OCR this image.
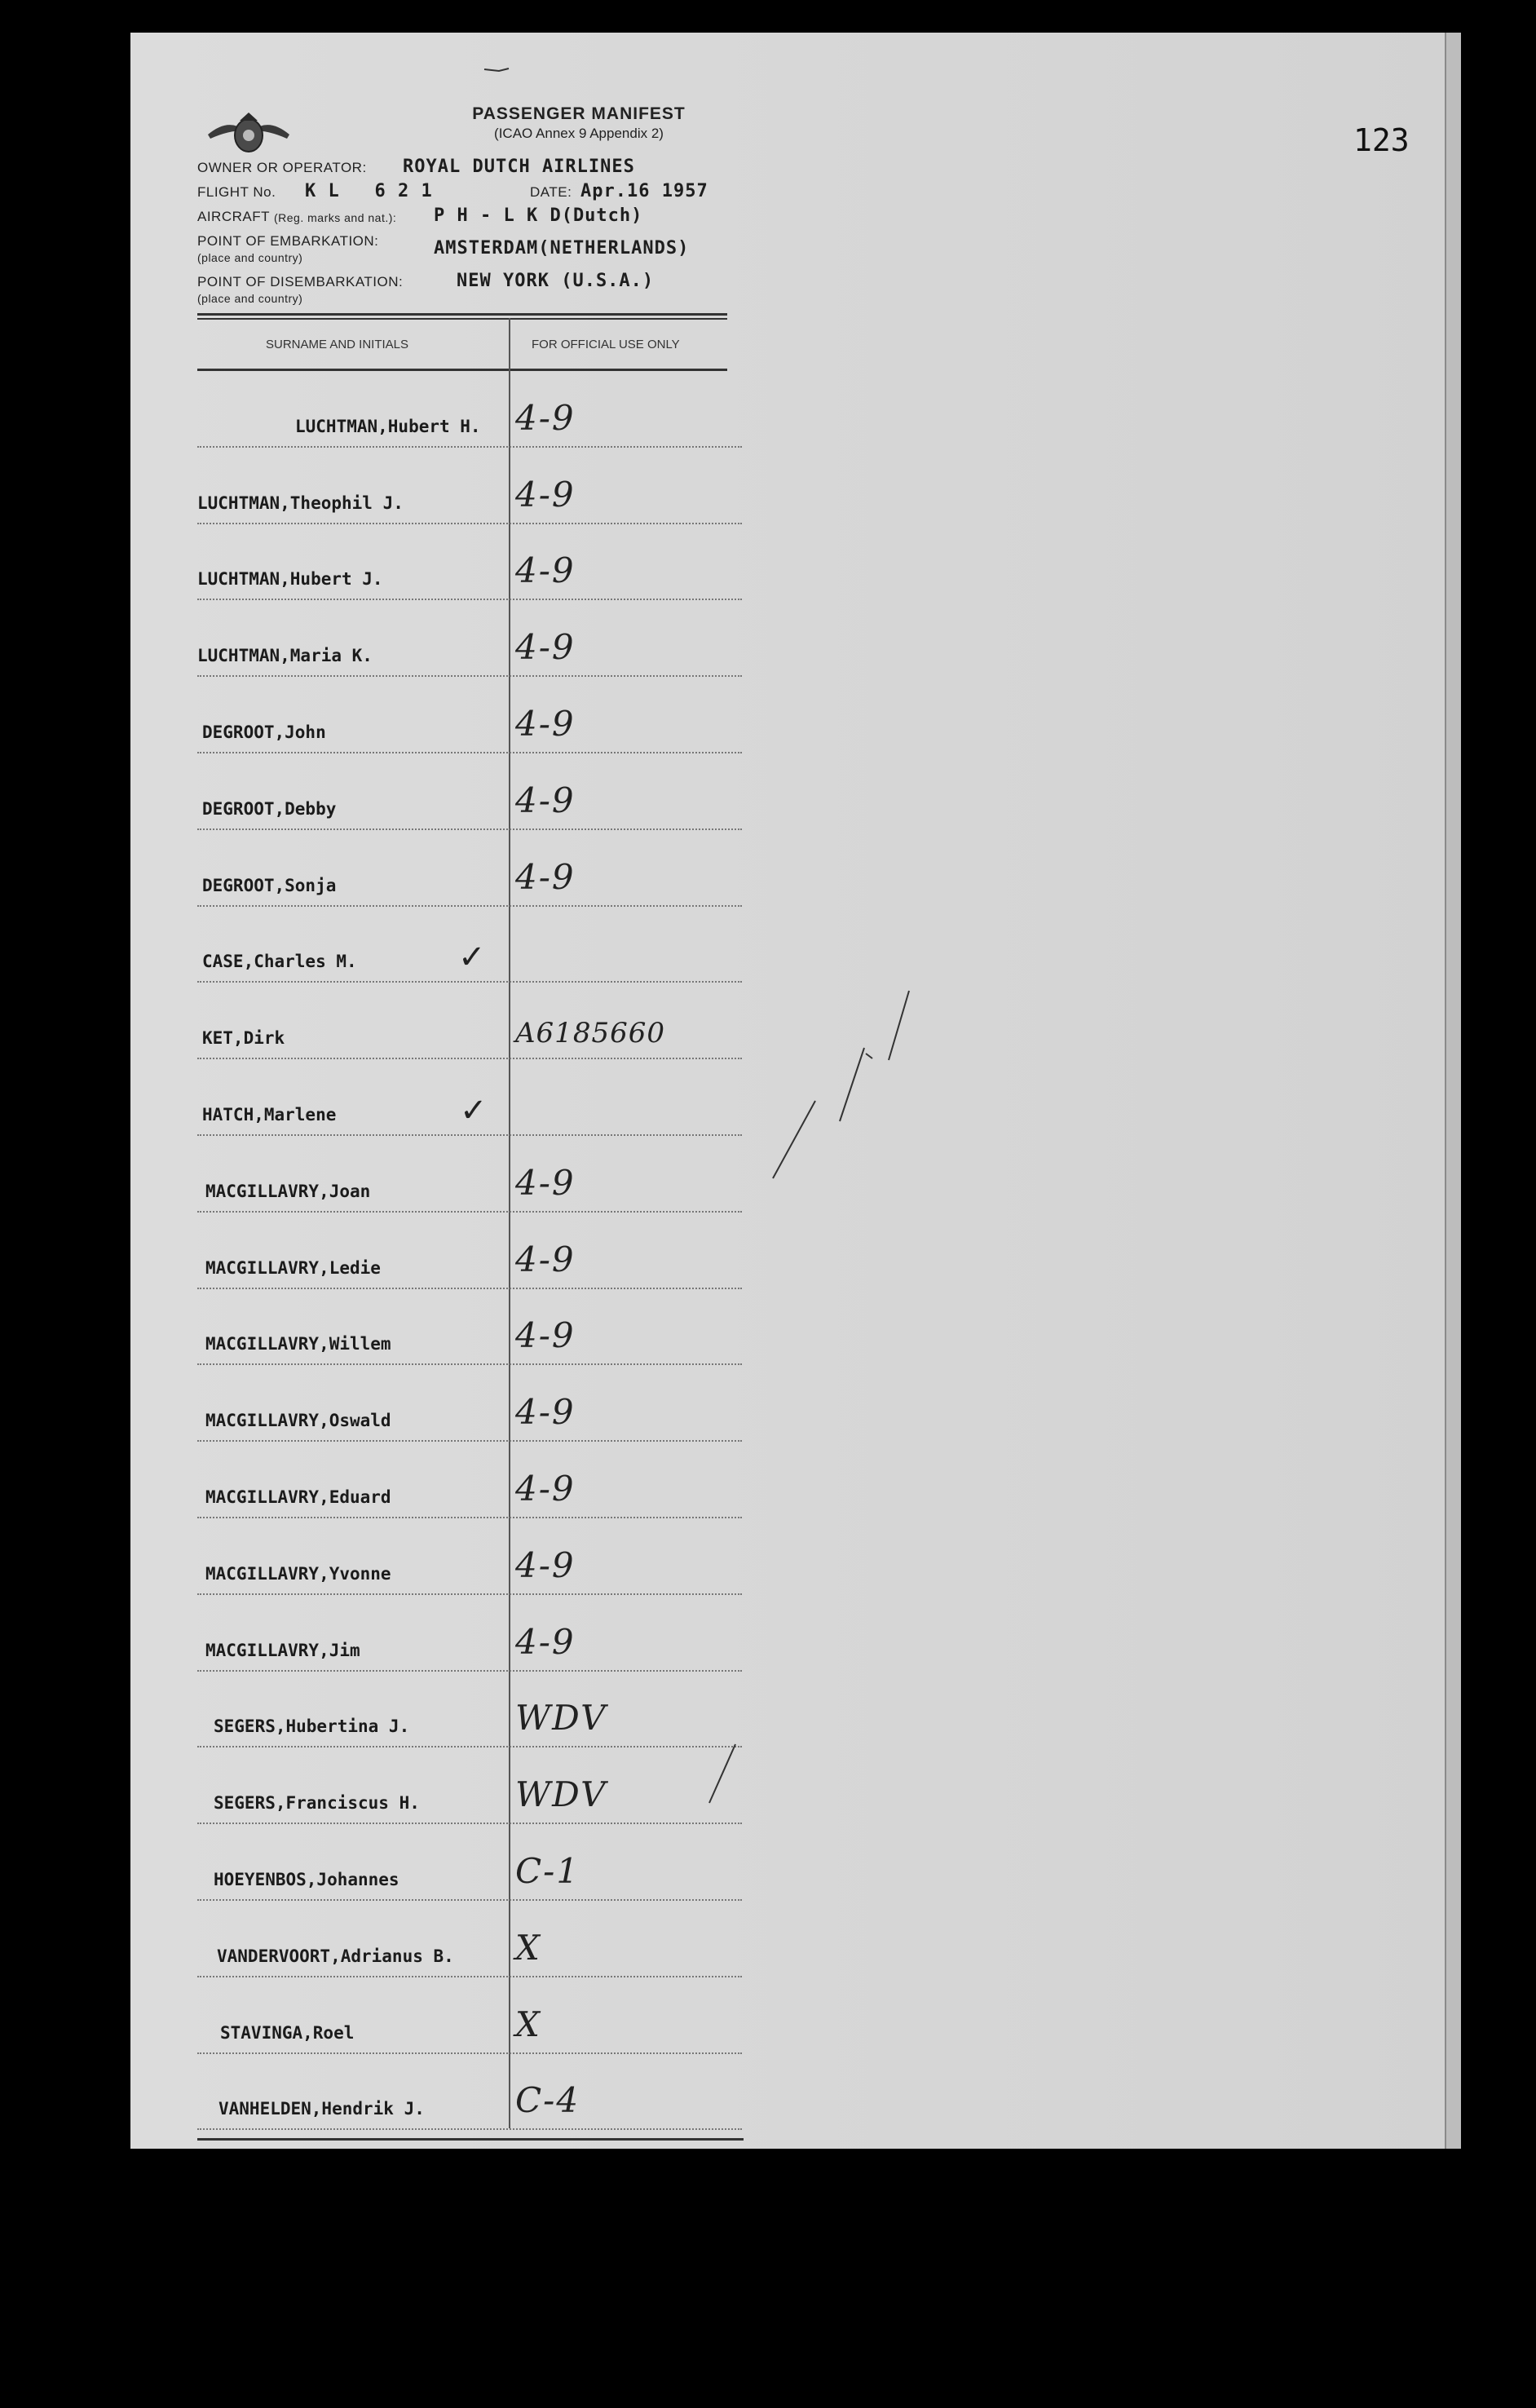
123
PASSENGER MANIFEST
(ICAO Annex 9 Appendix 2)
OWNER OR OPERATOR: ROYAL DUTCH AIRLINES
FLIGHT No. K L   6 2 1	DATE: Apr.16 1957
AIRCRAFT (Reg. marks and nat.): P H - L K D(Dutch)
POINT OF EMBARKATION:	AMSTERDAM(NETHERLANDS)
(place and country)
POINT OF DISEMBARKATION:	NEW YORK (U.S.A.)
(place and country)
SURNAME AND INITIALS	FOR OFFICIAL USE ONLY
LUCHTMAN,Hubert H. 4-9
LUCHTMAN,Theophil J.	4-9
LUCHTMAN,Hubert J.	4-9
LUCHTMAN,Maria K.	4-9
DEGROOT,John	4-9
DEGROOT,Debby	4-9
DEGROOT,Sonja	4-9
CASE,Charles M.	✓
KET,Dirk	A6185660
HATCH,Marlene	✓
MACGILLAVRY,Joan	4-9
MACGILLAVRY,Ledie	4-9
MACGILLAVRY,Willem	4-9
MACGILLAVRY,Oswald	4-9
MACGILLAVRY,Eduard	4-9
MACGILLAVRY,Yvonne	4-9
MACGILLAVRY,Jim	4-9
SEGERS,Hubertina J.	WDV
SEGERS,Franciscus H.	WDV
HOEYENBOS,Johannes	C-1
VANDERVOORT,Adrianus B. X
STAVINGA,Roel	X
VANHELDEN,Hendrik J.	C-4
